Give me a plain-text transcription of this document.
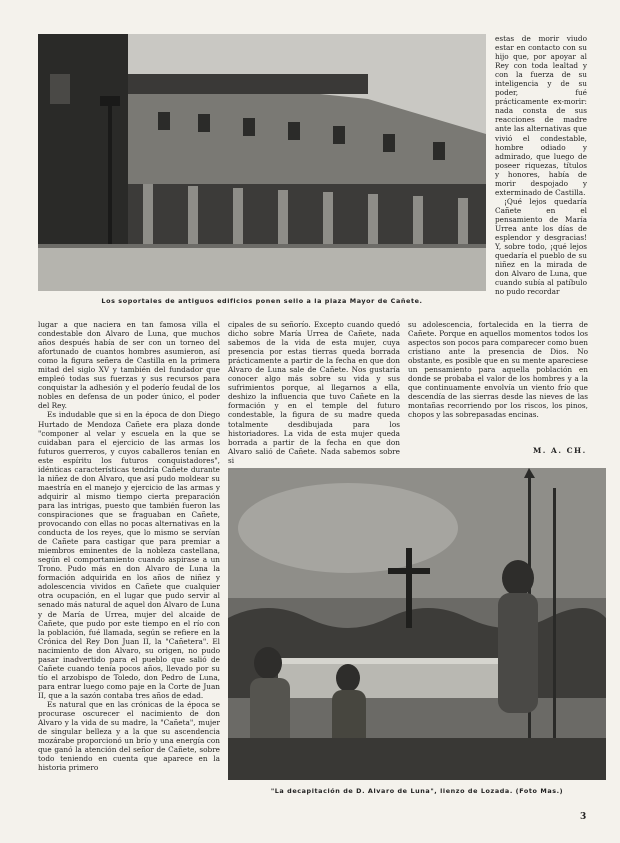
Los soportales de antiguos edificios ponen sello a la plaza Mayor de Cañete.

estas de morir viudo estar en contacto con su hijo que, por apoyar al Rey con toda lealtad y con la fuerza de su inteligencia y de su poder, fué prácticamente ex-morir: nada consta de sus reacciones de madre ante las alternativas que vivió el condestable, hombre odiado y admirado, que luego de poseer riquezas, títulos y honores, había de morir despojado y exterminado de Castilla.

¡Qué lejos quedaría Cañete en el pensamiento de María Urrea ante los días de esplendor y desgracias! Y, sobre todo, ¡qué lejos quedaría el pueblo de su niñez en la mirada de don Alvaro de Luna, que cuando subía al patíbulo no pudo recordar

lugar a que naciera en tan famosa villa el condestable don Alvaro de Luna, que muchos años después había de ser con un torneo del afortunado de cuantos hombres asumieron, así como la figura señera de Castilla en la primera mitad del siglo XV y también del fundador que empleó todas sus fuerzas y sus recursos para conquistar la adhesión y el poderío feudal de los nobles en defensa de un poder único, el poder del Rey.

Es indudable que si en la época de don Diego Hurtado de Mendoza Cañete era plaza donde "componer al velar y escuela en la que se cuidaban para el ejercicio de las armas los futuros guerreros, y cuyos caballeros tenían en este espíritu los futuros conquistadores", idénticas características tendría Cañete durante la niñez de don Alvaro, que así pudo moldear su maestría en el manejo y ejercicio de las armas y adquirir al mismo tiempo cierta preparación para las intrigas, puesto que también fueron las conspiraciones que se fraguaban en Cañete, provocando con ellas no pocas alternativas en la conducta de los reyes, que lo mismo se servían de Cañete para castigar que para premiar a miembros eminentes de la nobleza castellana, según el comportamiento cuando aspirase a un Trono. Pudo más en don Alvaro de Luna la formación adquirida en los años de niñez y adolescencia vividos en Cañete que cualquier otra ocupación, en el lugar que pudo servir al senado más natural de aquel don Alvaro de Luna y de María de Urrea, mujer del alcaide de Cañete, que pudo por este tiempo en el río con la población, fué llamada, según se refiere en la Crónica del Rey Don Juan II, la "Cañetera". El nacimiento de don Alvaro, su origen, no pudo pasar inadvertido para el pueblo que salió de Cañete cuando tenía pocos años, llevado por su tío el arzobispo de Toledo, don Pedro de Luna, para entrar luego como paje en la Corte de Juan II, que a la sazón contaba tres años de edad.

Es natural que en las crónicas de la época se procurase oscurecer el nacimiento de don Alvaro y la vida de su madre, la "Cañeta", mujer de singular belleza y a la que su ascendencia mozárabe proporcionó un brío y una energía con que ganó la atención del señor de Cañete, sobre todo teniendo en cuenta que aparece en la historia primero

cipales de su señorío. Excepto cuando quedó dicho sobre María Urrea de Cañete, nada sabemos de la vida de esta mujer, cuya presencia por estas tierras queda borrada prácticamente a partir de la fecha en que don Alvaro de Luna sale de Cañete. Nos gustaría conocer algo más sobre su vida y sus sufrimientos porque, al llegarnos a ella, deshizo la influencia que tuvo Cañete en la formación y en el temple del futuro condestable, la figura de su madre queda totalmente desdibujada para los historiadores. La vida de esta mujer queda borrada a partir de la fecha en que don Alvaro salió de Cañete. Nada sabemos sobre si

su adolescencia, fortalecida en la tierra de Cañete. Porque en aquellos momentos todos los aspectos son pocos para comparecer como buen cristiano ante la presencia de Dios. No obstante, es posible que en su mente apareciese un pensamiento para aquella población en donde se probaba el valor de los hombres y a la que continuamente envolvía un viento frío que descendía de las sierras desde las nieves de las montañas recorriendo por los riscos, los pinos, chopos y las sobrepasadas encinas.

M. A. CH.
"La decapitación de D. Alvaro de Luna", lienzo de Lozada. (Foto Mas.)
3
